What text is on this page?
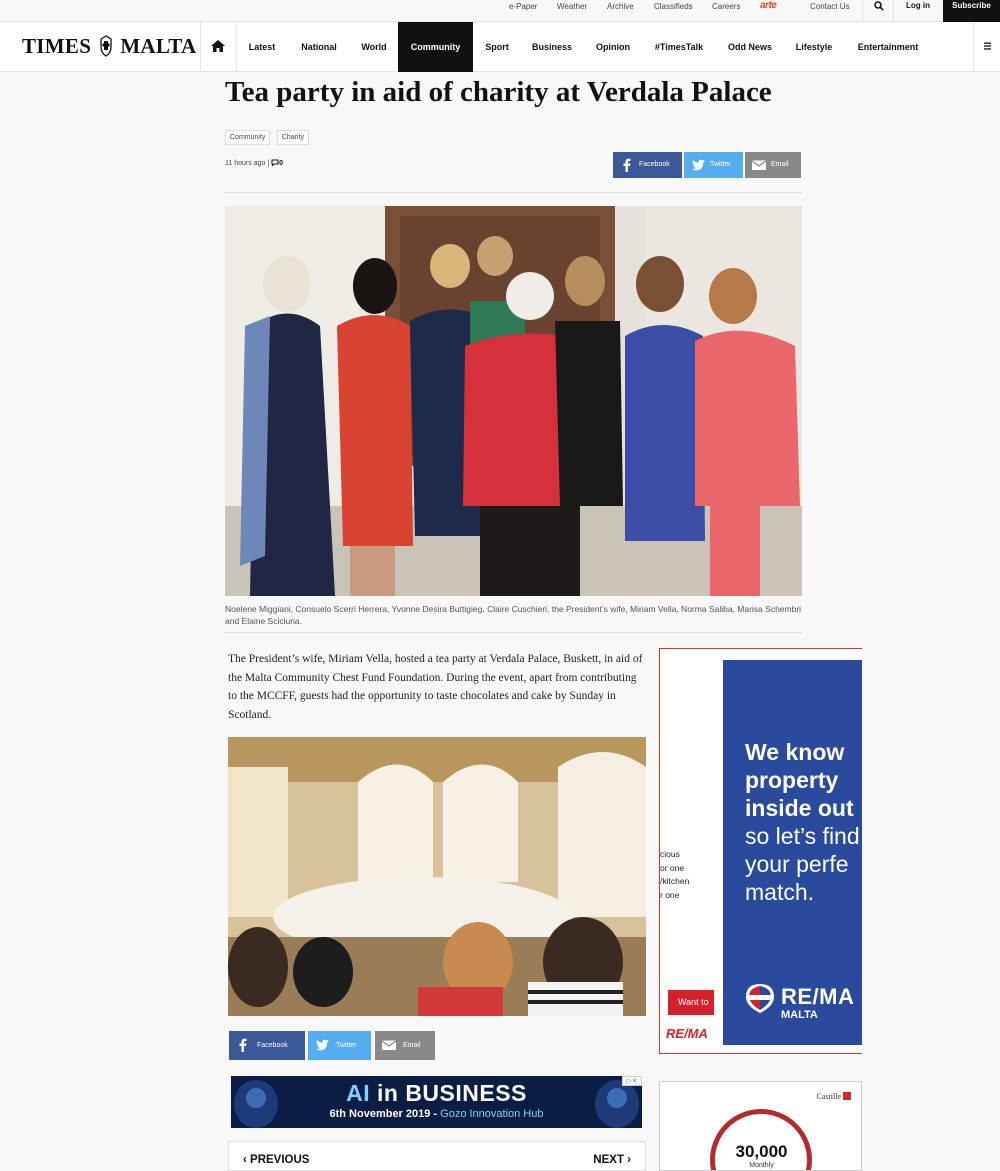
e-Paper Weather Archive	Classifieds Careers arte	Contact Us	Log in	Subscribe
TIMES MALTA	Latest	National	World	Community	Sport	Business	Opinion	#TimesTalk	Odd News	Lifestyle	Entertainment
Tea party in aid of charity at Verdala Palace
Community Charity
11 hours ago | 0	Facebook	Twitter	Email

Noelene Miggiani, Consuelo Scerri Herrera, Yvonne Desira Buttigieg, Claire Cuschieri, the President’s wife, Miriam Vella, Norma Saliba, Marisa Schembri and Elaine Scicluna.

The President’s wife, Miriam Vella, hosted a tea party at Verdala Palace, Buskett, in aid of the Malta Community Chest Fund Foundation. During the event, apart from contributing to the MCCFF, guests had the opportunity to taste chocolates and cake by Sunday in Scotland.

Facebook	Twitter	Email
AI in BUSINESS
6th November 2019 - Gozo Innovation Hub
▷✕
‹ PREVIOUS	NEXT ›
cious
or one
/kitchen
r one
Want to
RE/MA
We know
property
inside out
so let’s find
your perfe
match.
RE/MA
MALTA
Castille
30,000
Monthly
